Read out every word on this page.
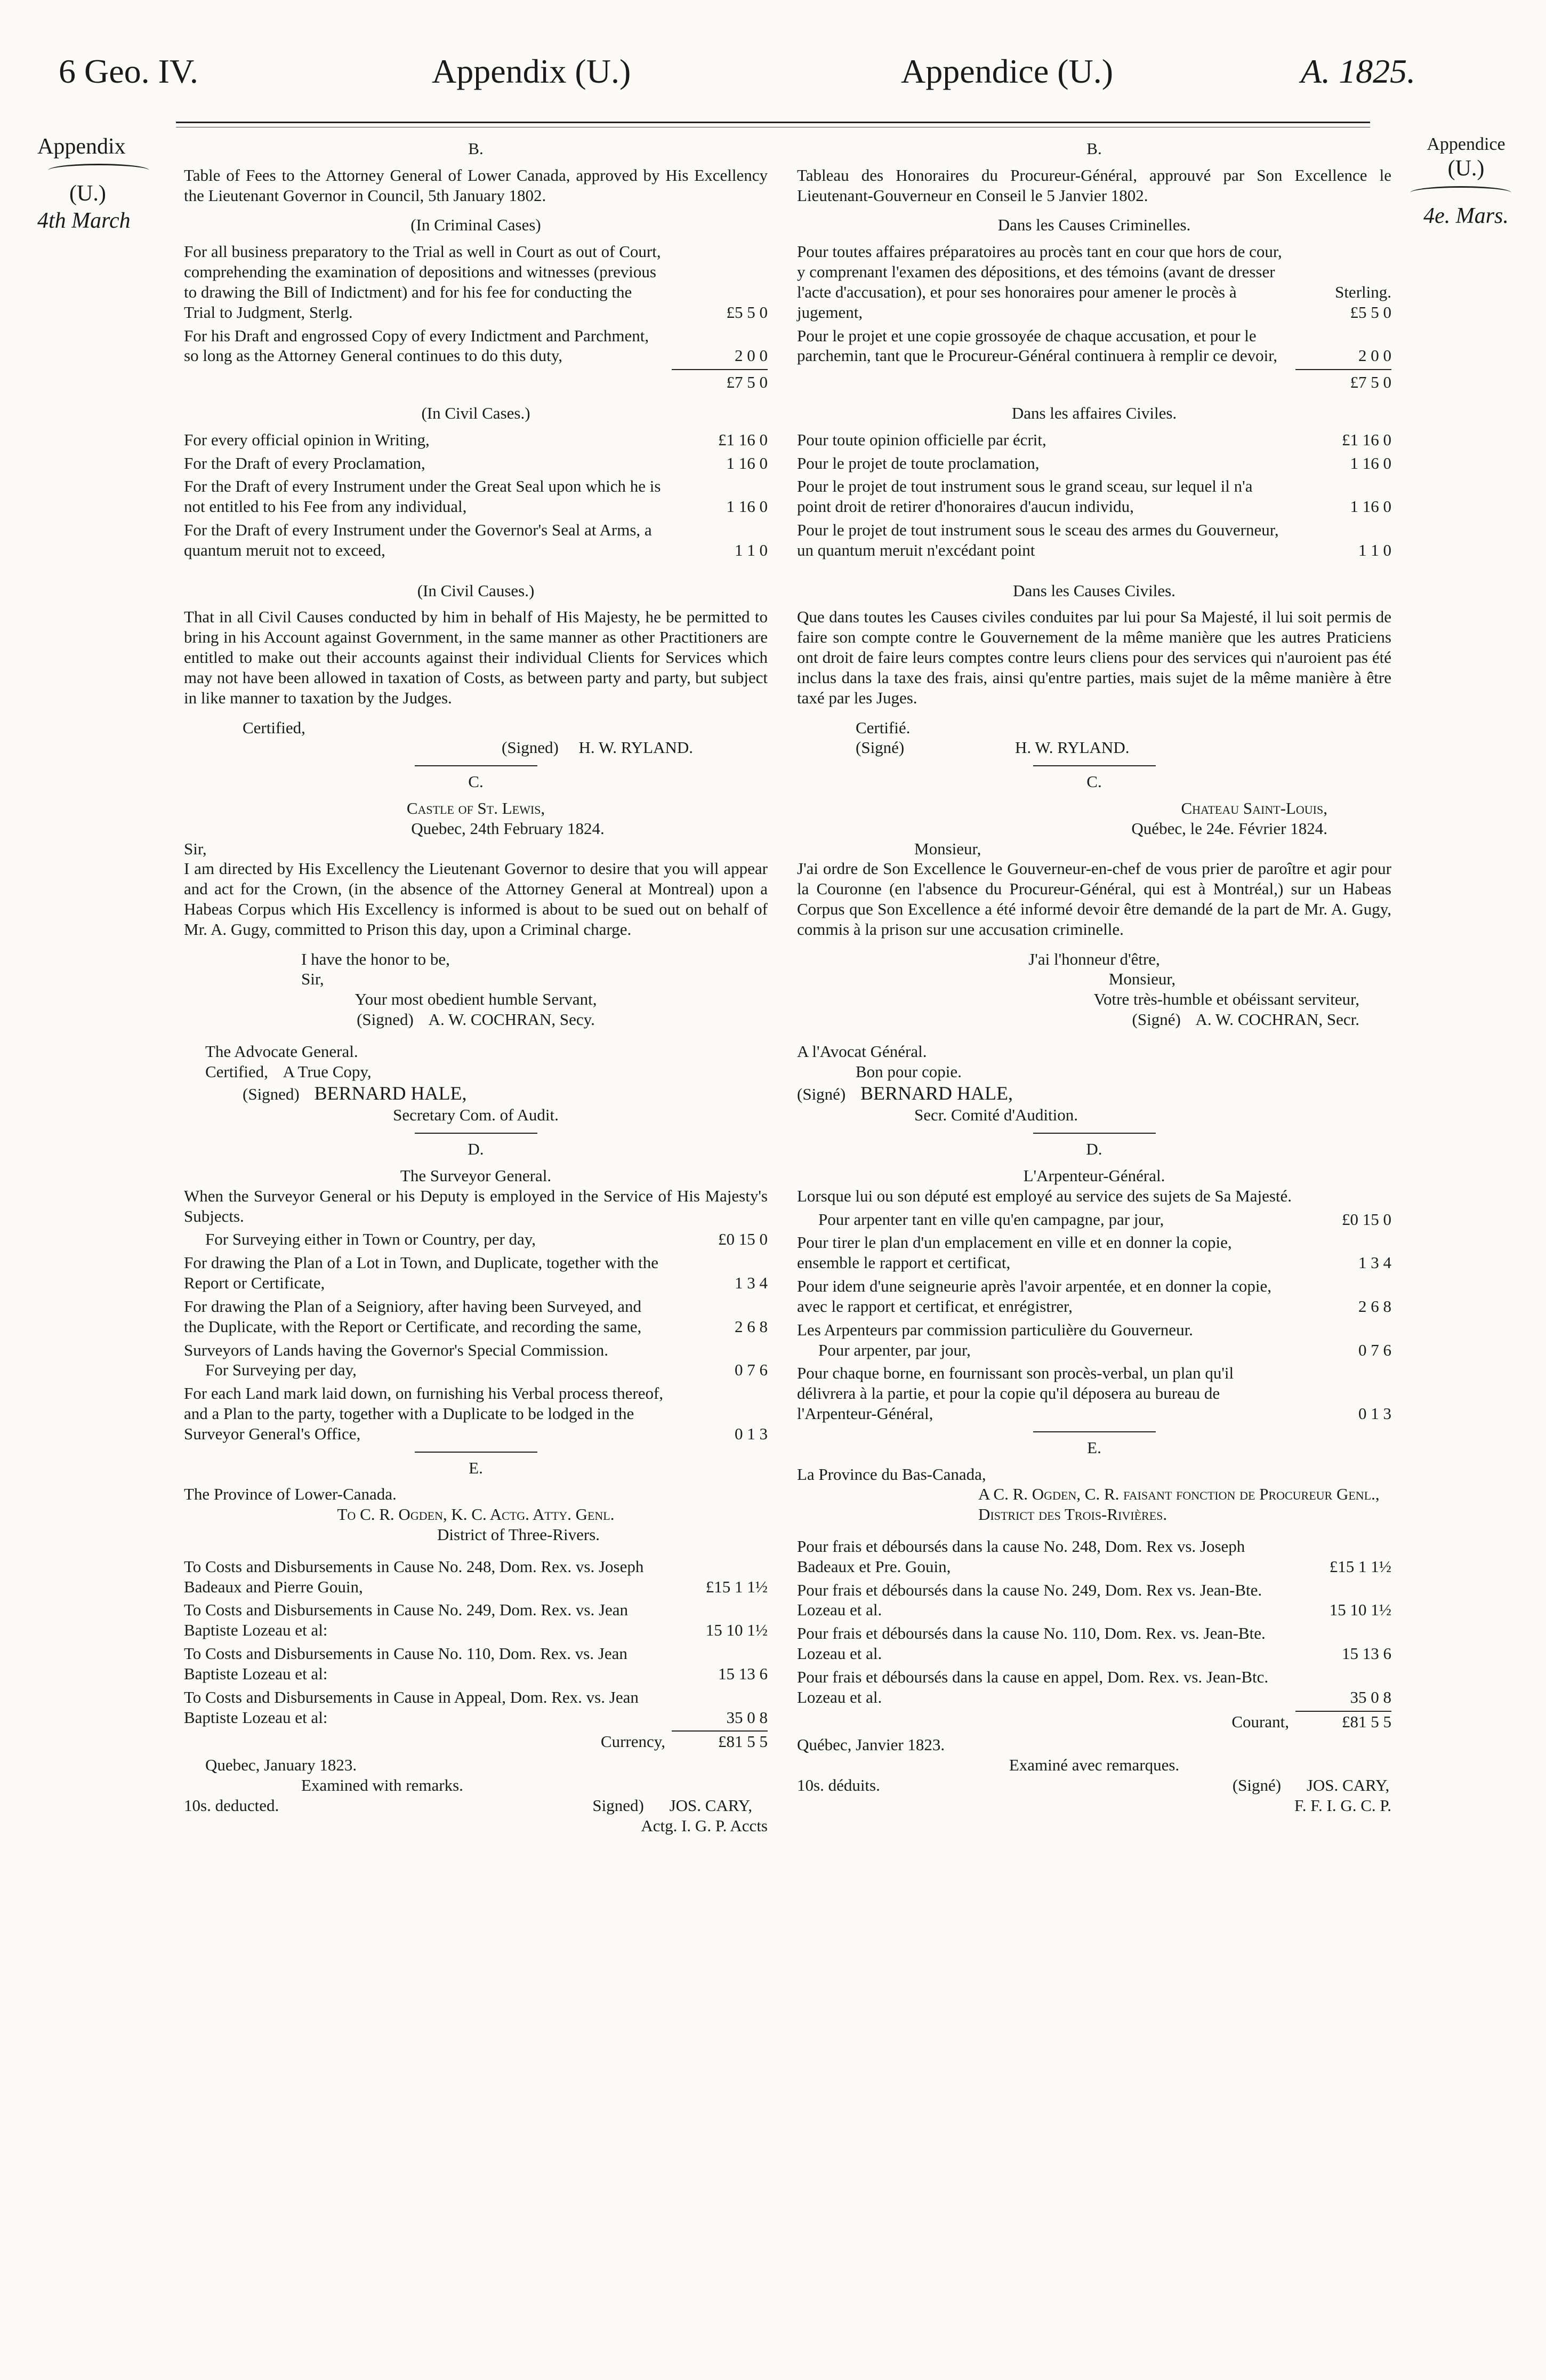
6 Geo. IV.	Appendix (U.)	Appendice (U.)	A. 1825.
Appendix
(U.)
4th March
Appendice
(U.)
4e. Mars.
B.

Table of Fees to the Attorney General of Lower Canada, approved by His Excellency the Lieutenant Governor in Council, 5th January 1802.

(In Criminal Cases)
For all business preparatory to the Trial as well in Court as out of Court, comprehending the examination of depositions and witnesses (previous to drawing the Bill of Indictment) and for his fee for conducting the Trial to Judgment, Sterlg.	£5 5 0
For his Draft and engrossed Copy of every Indictment and Parchment, so long as the Attorney General continues to do this duty,	2 0 0
£7 5 0
(In Civil Cases.)
For every official opinion in Writing,	£1 16 0
For the Draft of every Proclamation,	1 16 0
For the Draft of every Instrument under the Great Seal upon which he is not entitled to his Fee from any individual,	1 16 0
For the Draft of every Instrument under the Governor's Seal at Arms, a quantum meruit not to exceed,	1 1 0
(In Civil Causes.)

That in all Civil Causes conducted by him in behalf of His Majesty, he be permitted to bring in his Account against Government, in the same manner as other Practitioners are entitled to make out their accounts against their individual Clients for Services which may not have been allowed in taxation of Costs, as between party and party, but subject in like manner to taxation by the Judges.

Certified,
(Signed) H. W. RYLAND.
C.
Castle of St. Lewis,
Quebec, 24th February 1824.
Sir,

I am directed by His Excellency the Lieutenant Governor to desire that you will appear and act for the Crown, (in the absence of the Attorney General at Montreal) upon a Habeas Corpus which His Excellency is informed is about to be sued out on behalf of Mr. A. Gugy, committed to Prison this day, upon a Criminal charge.

I have the honor to be,
Sir,
Your most obedient humble Servant,
(Signed) A. W. COCHRAN, Secy.
The Advocate General.
Certified, A True Copy,
(Signed) BERNARD HALE,
Secretary Com. of Audit.
D.
The Surveyor General.

When the Surveyor General or his Deputy is employed in the Service of His Majesty's Subjects.

For Surveying either in Town or Country, per day,	£0 15 0
For drawing the Plan of a Lot in Town, and Duplicate, together with the Report or Certificate,	1 3 4
For drawing the Plan of a Seigniory, after having been Surveyed, and the Duplicate, with the Report or Certificate, and recording the same,	2 6 8
Surveyors of Lands having the Governor's Special Commission.
For Surveying per day,	0 7 6
For each Land mark laid down, on furnishing his Verbal process thereof, and a Plan to the party, together with a Duplicate to be lodged in the Surveyor General's Office,	0 1 3
E.
The Province of Lower-Canada.
To C. R. Ogden, K. C. Actg. Atty. Genl.
District of Three-Rivers.
To Costs and Disbursements in Cause No. 248, Dom. Rex. vs. Joseph Badeaux and Pierre Gouin,	£15 1 1½
To Costs and Disbursements in Cause No. 249, Dom. Rex. vs. Jean Baptiste Lozeau et al:	15 10 1½
To Costs and Disbursements in Cause No. 110, Dom. Rex. vs. Jean Baptiste Lozeau et al:	15 13 6
To Costs and Disbursements in Cause in Appeal, Dom. Rex. vs. Jean Baptiste Lozeau et al:	35 0 8
Currency,	£81 5 5
Quebec, January 1823.
Examined with remarks.
10s. deducted.	Signed) JOS. CARY,
Actg. I. G. P. Accts
B.

Tableau des Honoraires du Procureur-Général, approuvé par Son Excellence le Lieutenant-Gouverneur en Conseil le 5 Janvier 1802.

Dans les Causes Criminelles.
Pour toutes affaires préparatoires au procès tant en cour que hors de cour, y comprenant l'examen des dépositions, et des témoins (avant de dresser l'acte d'accusation), et pour ses honoraires pour amener le procès à jugement,
Sterling.
£5 5 0
Pour le projet et une copie grossoyée de chaque accusation, et pour le parchemin, tant que le Procureur-Général continuera à remplir ce devoir,	2 0 0
£7 5 0
Dans les affaires Civiles.
Pour toute opinion officielle par écrit,	£1 16 0
Pour le projet de toute proclamation,	1 16 0
Pour le projet de tout instrument sous le grand sceau, sur lequel il n'a point droit de retirer d'honoraires d'aucun individu,	1 16 0
Pour le projet de tout instrument sous le sceau des armes du Gouverneur, un quantum meruit n'excédant point	1 1 0
Dans les Causes Civiles.

Que dans toutes les Causes civiles conduites par lui pour Sa Majesté, il lui soit permis de faire son compte contre le Gouvernement de la même manière que les autres Praticiens ont droit de faire leurs comptes contre leurs cliens pour des services qui n'auroient pas été inclus dans la taxe des frais, ainsi qu'entre parties, mais sujet de la même manière à être taxé par les Juges.

Certifié.
(Signé)	H. W. RYLAND.
C.
Chateau Saint-Louis,
Québec, le 24e. Février 1824.
Monsieur,

J'ai ordre de Son Excellence le Gouverneur-en-chef de vous prier de paroître et agir pour la Couronne (en l'absence du Procureur-Général, qui est à Montréal,) sur un Habeas Corpus que Son Excellence a été informé devoir être demandé de la part de Mr. A. Gugy, commis à la prison sur une accusation criminelle.

J'ai l'honneur d'être,
Monsieur,
Votre très-humble et obéissant serviteur,
(Signé) A. W. COCHRAN, Secr.
A l'Avocat Général.
Bon pour copie.
(Signé) BERNARD HALE,
Secr. Comité d'Audition.
D.
L'Arpenteur-Général.

Lorsque lui ou son député est employé au service des sujets de Sa Majesté.

Pour arpenter tant en ville qu'en campagne, par jour,	£0 15 0
Pour tirer le plan d'un emplacement en ville et en donner la copie, ensemble le rapport et certificat,	1 3 4
Pour idem d'une seigneurie après l'avoir arpentée, et en donner la copie, avec le rapport et certificat, et enrégistrer,	2 6 8
Les Arpenteurs par commission particulière du Gouverneur.
Pour arpenter, par jour,	0 7 6
Pour chaque borne, en fournissant son procès-verbal, un plan qu'il délivrera à la partie, et pour la copie qu'il déposera au bureau de l'Arpenteur-Général,	0 1 3
E.
La Province du Bas-Canada,
A C. R. Ogden, C. R. faisant fonction de Procureur Genl., District des Trois-Rivières.
Pour frais et déboursés dans la cause No. 248, Dom. Rex vs. Joseph Badeaux et Pre. Gouin,	£15 1 1½
Pour frais et déboursés dans la cause No. 249, Dom. Rex vs. Jean-Bte. Lozeau et al.	15 10 1½
Pour frais et déboursés dans la cause No. 110, Dom. Rex. vs. Jean-Bte. Lozeau et al.	15 13 6
Pour frais et déboursés dans la cause en appel, Dom. Rex. vs. Jean-Btc. Lozeau et al.	35 0 8
Courant,	£81 5 5
Québec, Janvier 1823.
Examiné avec remarques.
10s. déduits.	(Signé) JOS. CARY,
F. F. I. G. C. P.
